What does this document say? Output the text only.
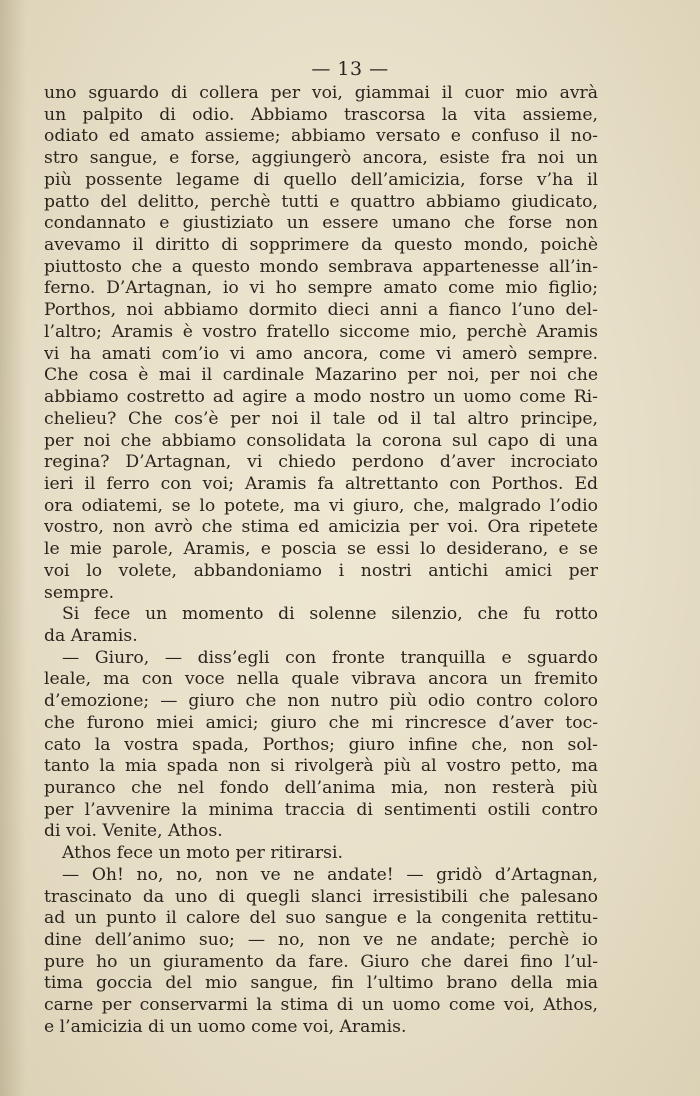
— 13 —
uno sguardo di collera per voi, giammai il cuor mio avrà
un palpito di odio. Abbiamo trascorsa la vita assieme,
odiato ed amato assieme; abbiamo versato e confuso il no-
stro sangue, e forse, aggiungerò ancora, esiste fra noi un
più possente legame di quello dell’amicizia, forse v’ha il
patto del delitto, perchè tutti e quattro abbiamo giudicato,
condannato e giustiziato un essere umano che forse non
avevamo il diritto di sopprimere da questo mondo, poichè
piuttosto che a questo mondo sembrava appartenesse all’in-
ferno. D’Artagnan, io vi ho sempre amato come mio figlio;
Porthos, noi abbiamo dormito dieci anni a fianco l’uno del-
l’altro; Aramis è vostro fratello siccome mio, perchè Aramis
vi ha amati com’io vi amo ancora, come vi amerò sempre.
Che cosa è mai il cardinale Mazarino per noi, per noi che
abbiamo costretto ad agire a modo nostro un uomo come Ri-
chelieu? Che cos’è per noi il tale od il tal altro principe,
per noi che abbiamo consolidata la corona sul capo di una
regina? D’Artagnan, vi chiedo perdono d’aver incrociato
ieri il ferro con voi; Aramis fa altrettanto con Porthos. Ed
ora odiatemi, se lo potete, ma vi giuro, che, malgrado l’odio
vostro, non avrò che stima ed amicizia per voi. Ora ripetete
le mie parole, Aramis, e poscia se essi lo desiderano, e se
voi lo volete, abbandoniamo i nostri antichi amici per
sempre.
Si fece un momento di solenne silenzio, che fu rotto
da Aramis.
— Giuro, — diss’egli con fronte tranquilla e sguardo
leale, ma con voce nella quale vibrava ancora un fremito
d’emozione; — giuro che non nutro più odio contro coloro
che furono miei amici; giuro che mi rincresce d’aver toc-
cato la vostra spada, Porthos; giuro infine che, non sol-
tanto la mia spada non si rivolgerà più al vostro petto, ma
puranco che nel fondo dell’anima mia, non resterà più
per l’avvenire la minima traccia di sentimenti ostili contro
di voi. Venite, Athos.
Athos fece un moto per ritirarsi.
— Oh! no, no, non ve ne andate! — gridò d’Artagnan,
trascinato da uno di quegli slanci irresistibili che palesano
ad un punto il calore del suo sangue e la congenita rettitu-
dine dell’animo suo; — no, non ve ne andate; perchè io
pure ho un giuramento da fare. Giuro che darei fino l’ul-
tima goccia del mio sangue, fin l’ultimo brano della mia
carne per conservarmi la stima di un uomo come voi, Athos,
e l’amicizia di un uomo come voi, Aramis.
